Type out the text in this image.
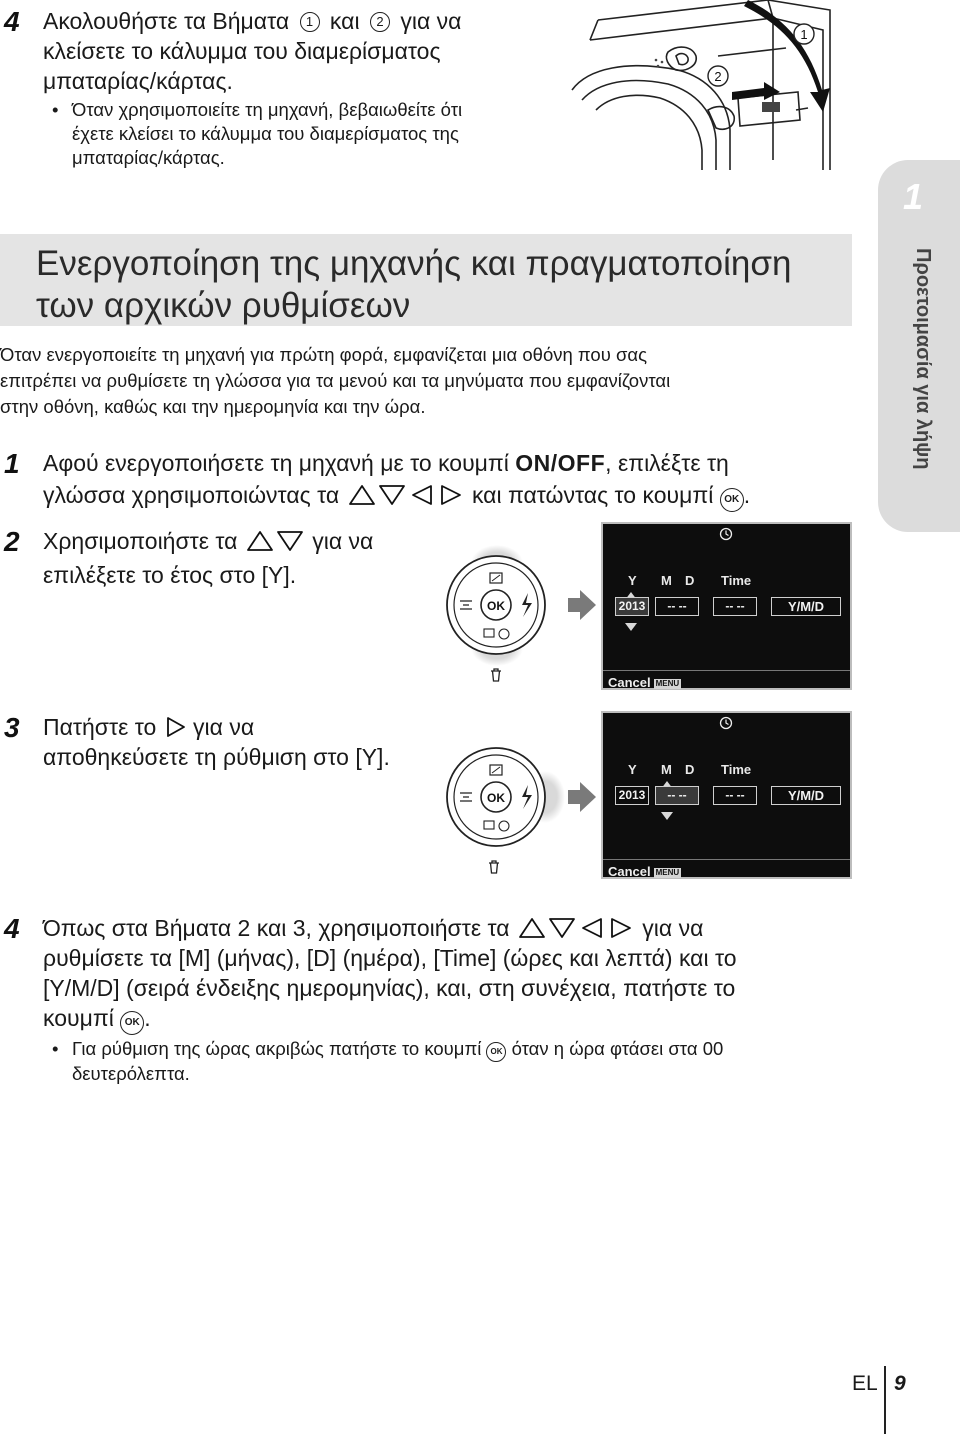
4 Ακολουθήστε τα Βήματα 1 και 2 για να
κλείσετε το κάλυμμα του διαμερίσματος
μπαταρίας/κάρτας.
• Όταν χρησιμοποιείτε τη μηχανή, βεβαιωθείτε ότι
έχετε κλείσει το κάλυμμα του διαμερίσματος της
μπαταρίας/κάρτας.
1
2
1
Προετοιμασία για λήψη
Ενεργοποίηση της μηχανής και πραγματοποίηση
των αρχικών ρυθμίσεων
Όταν ενεργοποιείτε τη μηχανή για πρώτη φορά, εμφανίζεται μια οθόνη που σας
επιτρέπει να ρυθμίσετε τη γλώσσα για τα μενού και τα μηνύματα που εμφανίζονται
στην οθόνη, καθώς και την ημερομηνία και την ώρα.
1 Αφού ενεργοποιήσετε τη μηχανή με το κουμπί ON/OFF, επιλέξτε τη
γλώσσα χρησιμοποιώντας τα	και πατώντας το κουμπί OK .
2 Χρησιμοποιήστε τα	για να
επιλέξετε το έτος στο [Y].
OK
Y M D Time
2013	-- --	-- --	Y/M/D
Cancel MENU
3 Πατήστε το για να
αποθηκεύσετε τη ρύθμιση στο [Y].
OK
Y M D Time
2013	-- --	-- --	Y/M/D
Cancel MENU
4 Όπως στα Βήματα 2 και 3, χρησιμοποιήστε τα	για να
ρυθμίσετε τα [M] (μήνας), [D] (ημέρα), [Time] (ώρες και λεπτά) και το
[Y/M/D] (σειρά ένδειξης ημερομηνίας), και, στη συνέχεια, πατήστε το
κουμπί OK .
• Για ρύθμιση της ώρας ακριβώς πατήστε το κουμπί OK όταν η ώρα φτάσει στα 00
δευτερόλεπτα.
EL 9
